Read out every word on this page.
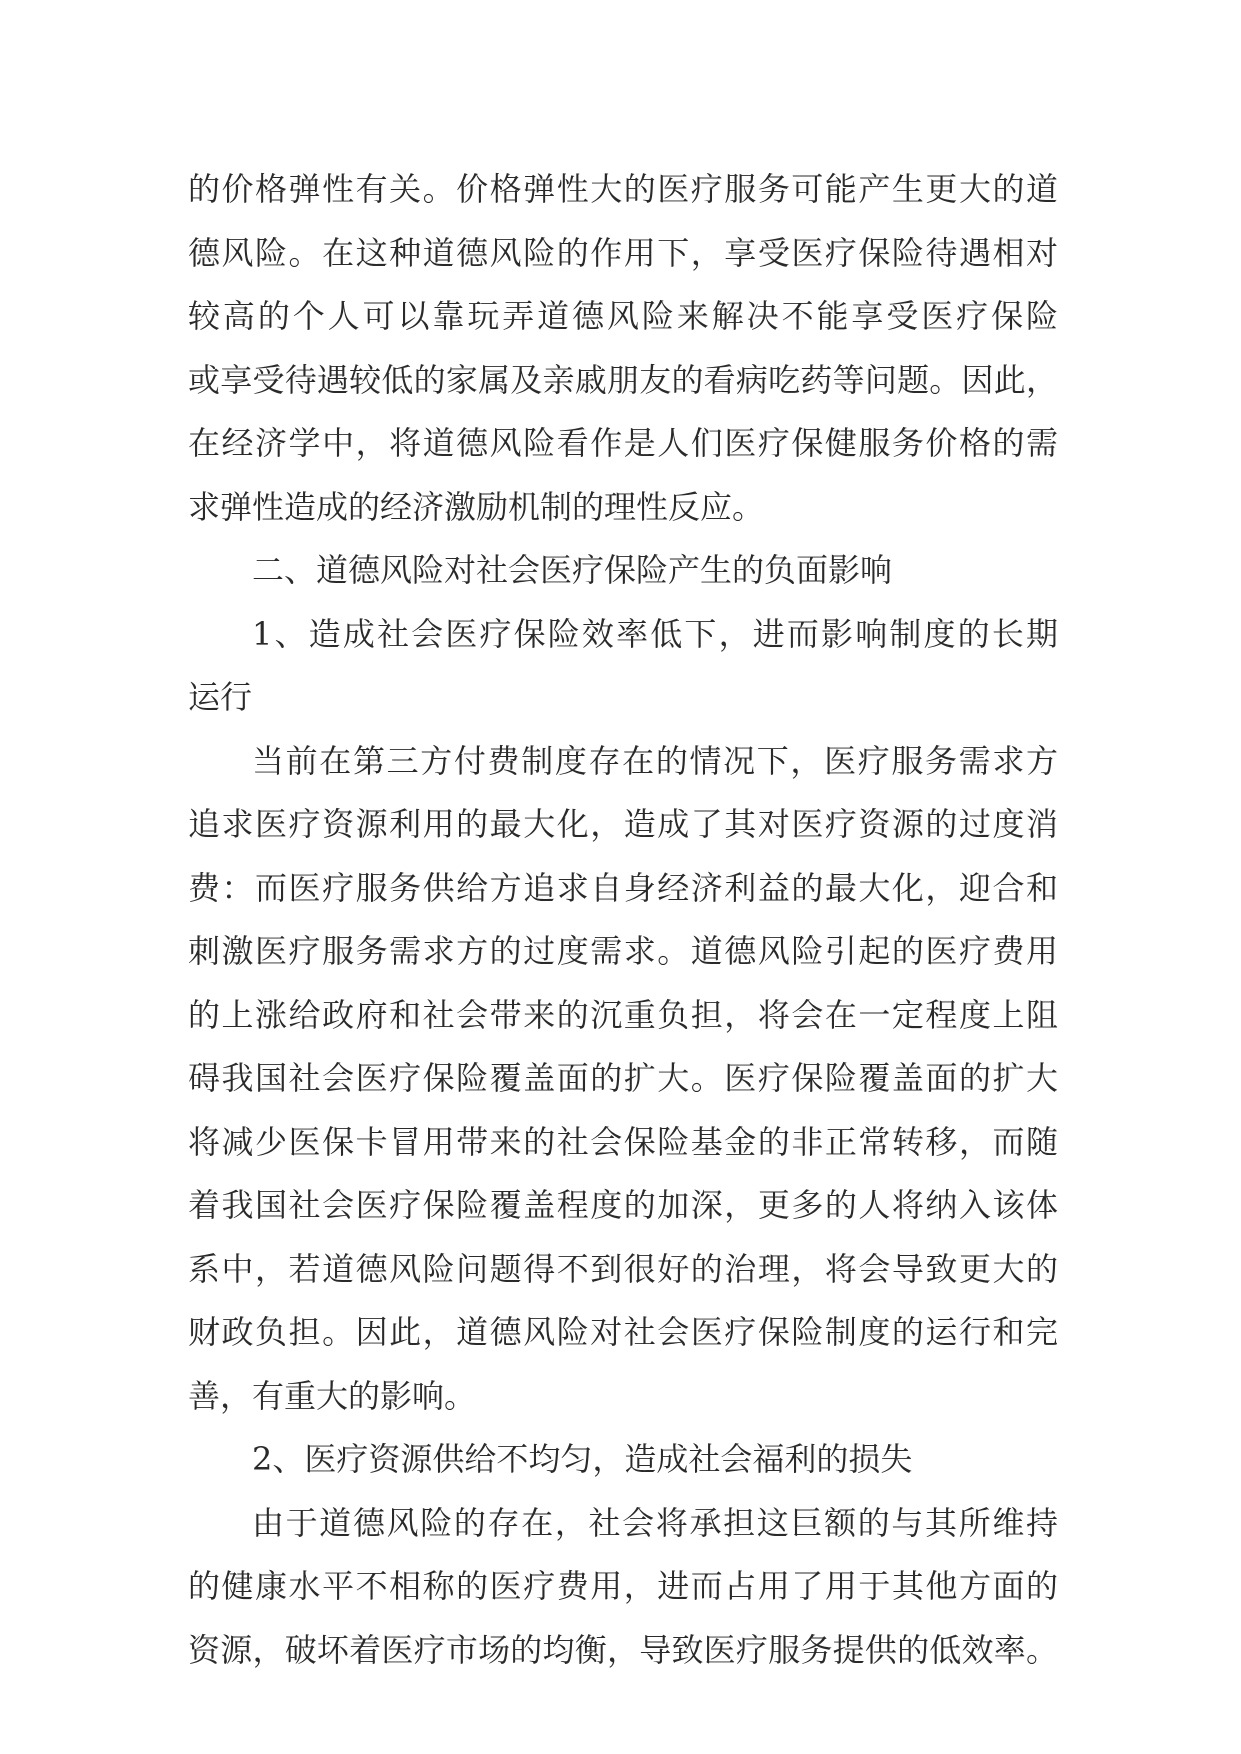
的价格弹性有关。价格弹性大的医疗服务可能产生更大的道
德风险。在这种道德风险的作用下，享受医疗保险待遇相对
较高的个人可以靠玩弄道德风险来解决不能享受医疗保险
或享受待遇较低的家属及亲戚朋友的看病吃药等问题。因此，
在经济学中，将道德风险看作是人们医疗保健服务价格的需
求弹性造成的经济激励机制的理性反应。
二、道德风险对社会医疗保险产生的负面影响
1、造成社会医疗保险效率低下，进而影响制度的长期
运行
当前在第三方付费制度存在的情况下，医疗服务需求方
追求医疗资源利用的最大化，造成了其对医疗资源的过度消
费：而医疗服务供给方追求自身经济利益的最大化，迎合和
刺激医疗服务需求方的过度需求。道德风险引起的医疗费用
的上涨给政府和社会带来的沉重负担，将会在一定程度上阻
碍我国社会医疗保险覆盖面的扩大。医疗保险覆盖面的扩大
将减少医保卡冒用带来的社会保险基金的非正常转移，而随
着我国社会医疗保险覆盖程度的加深，更多的人将纳入该体
系中，若道德风险问题得不到很好的治理，将会导致更大的
财政负担。因此，道德风险对社会医疗保险制度的运行和完
善，有重大的影响。
2、医疗资源供给不均匀，造成社会福利的损失
由于道德风险的存在，社会将承担这巨额的与其所维持
的健康水平不相称的医疗费用，进而占用了用于其他方面的
资源，破坏着医疗市场的均衡，导致医疗服务提供的低效率。
